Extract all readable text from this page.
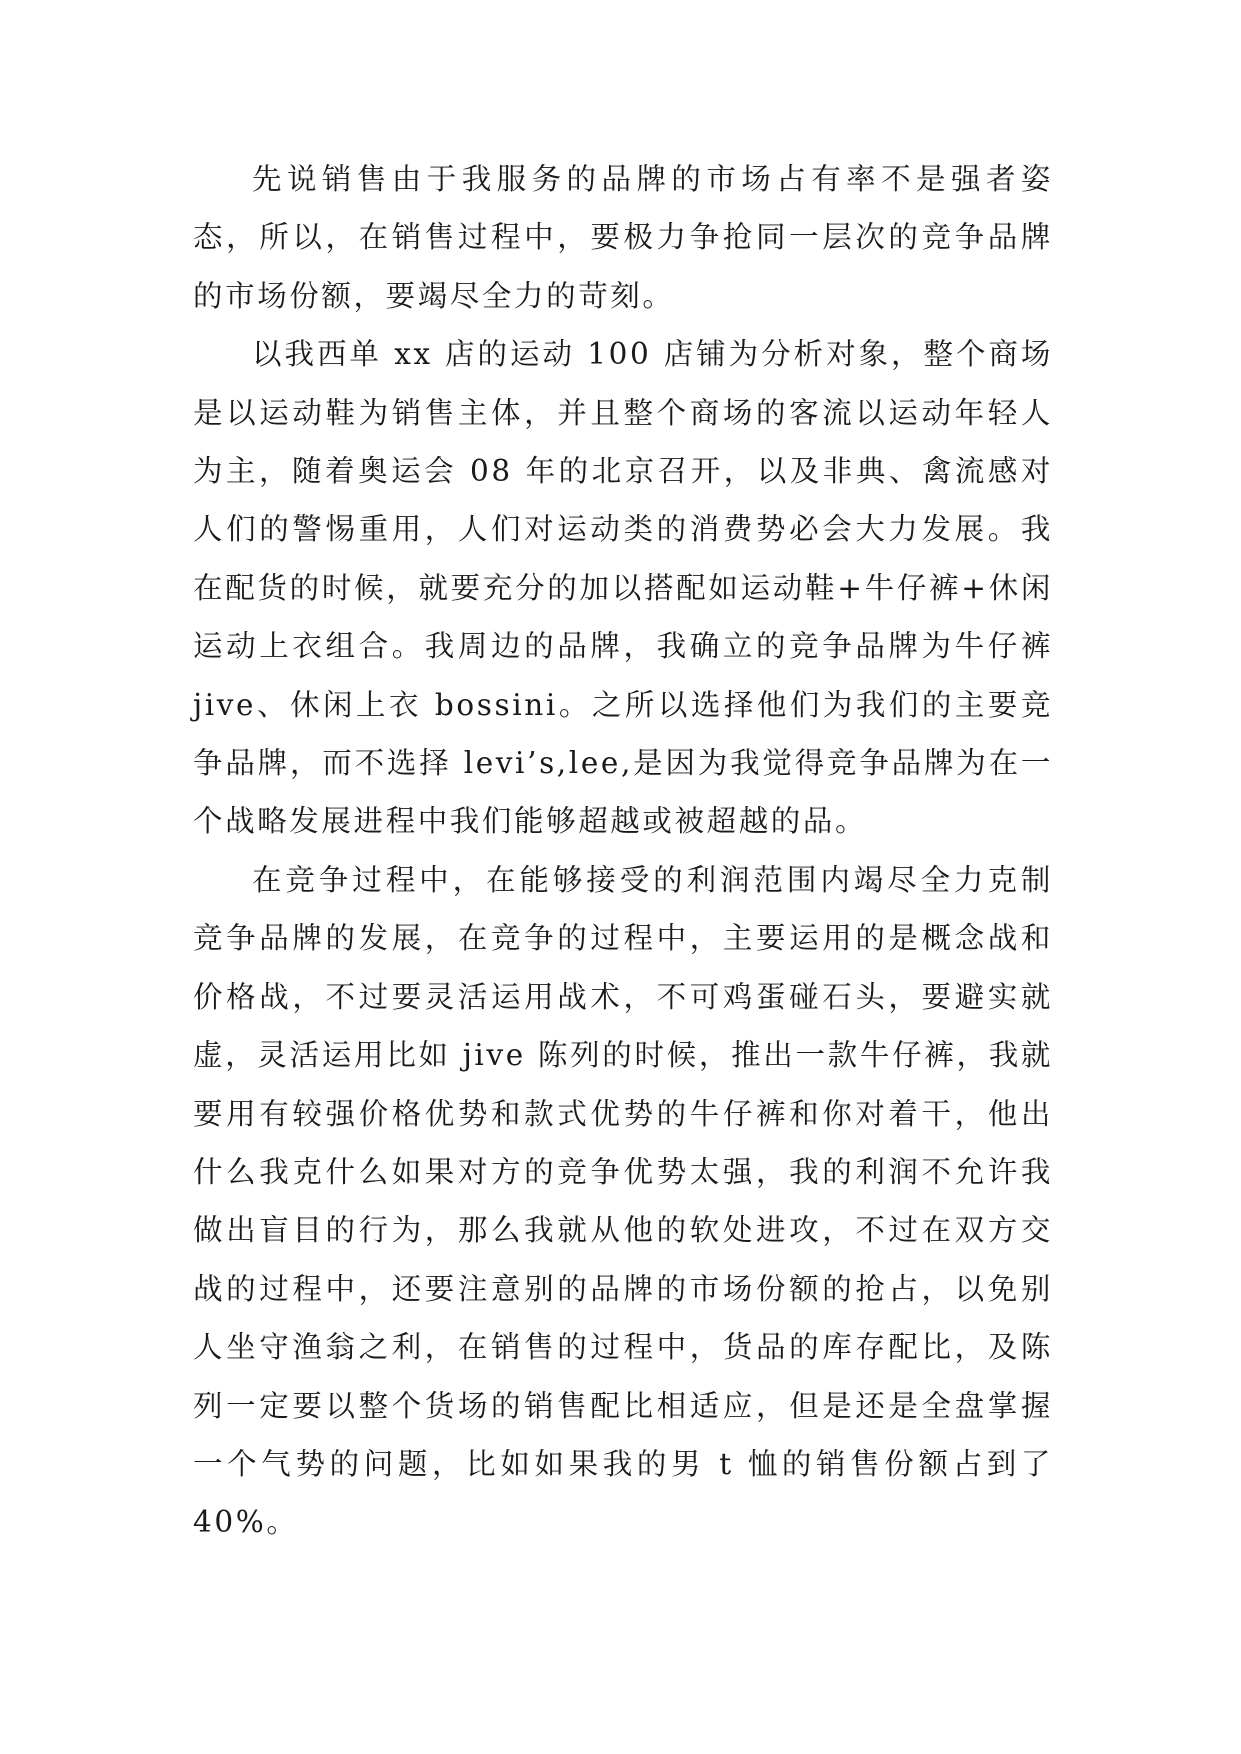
先说销售由于我服务的品牌的市场占有率不是强者姿态，所以，在销售过程中，要极力争抢同一层次的竞争品牌的市场份额，要竭尽全力的苛刻。

以我西单 xx 店的运动 100 店铺为分析对象，整个商场是以运动鞋为销售主体，并且整个商场的客流以运动年轻人为主，随着奥运会 08 年的北京召开，以及非典、禽流感对人们的警惕重用，人们对运动类的消费势必会大力发展。我在配货的时候，就要充分的加以搭配如运动鞋+牛仔裤+休闲运动上衣组合。我周边的品牌，我确立的竞争品牌为牛仔裤 jive、休闲上衣 bossini。之所以选择他们为我们的主要竞争品牌，而不选择 levi’s,lee,是因为我觉得竞争品牌为在一个战略发展进程中我们能够超越或被超越的品。

在竞争过程中，在能够接受的利润范围内竭尽全力克制竞争品牌的发展，在竞争的过程中，主要运用的是概念战和价格战，不过要灵活运用战术，不可鸡蛋碰石头，要避实就虚，灵活运用比如 jive 陈列的时候，推出一款牛仔裤，我就要用有较强价格优势和款式优势的牛仔裤和你对着干，他出什么我克什么如果对方的竞争优势太强，我的利润不允许我做出盲目的行为，那么我就从他的软处进攻，不过在双方交战的过程中，还要注意别的品牌的市场份额的抢占，以免别人坐守渔翁之利，在销售的过程中，货品的库存配比，及陈列一定要以整个货场的销售配比相适应，但是还是全盘掌握一个气势的问题，比如如果我的男 t 恤的销售份额占到了 40%。
